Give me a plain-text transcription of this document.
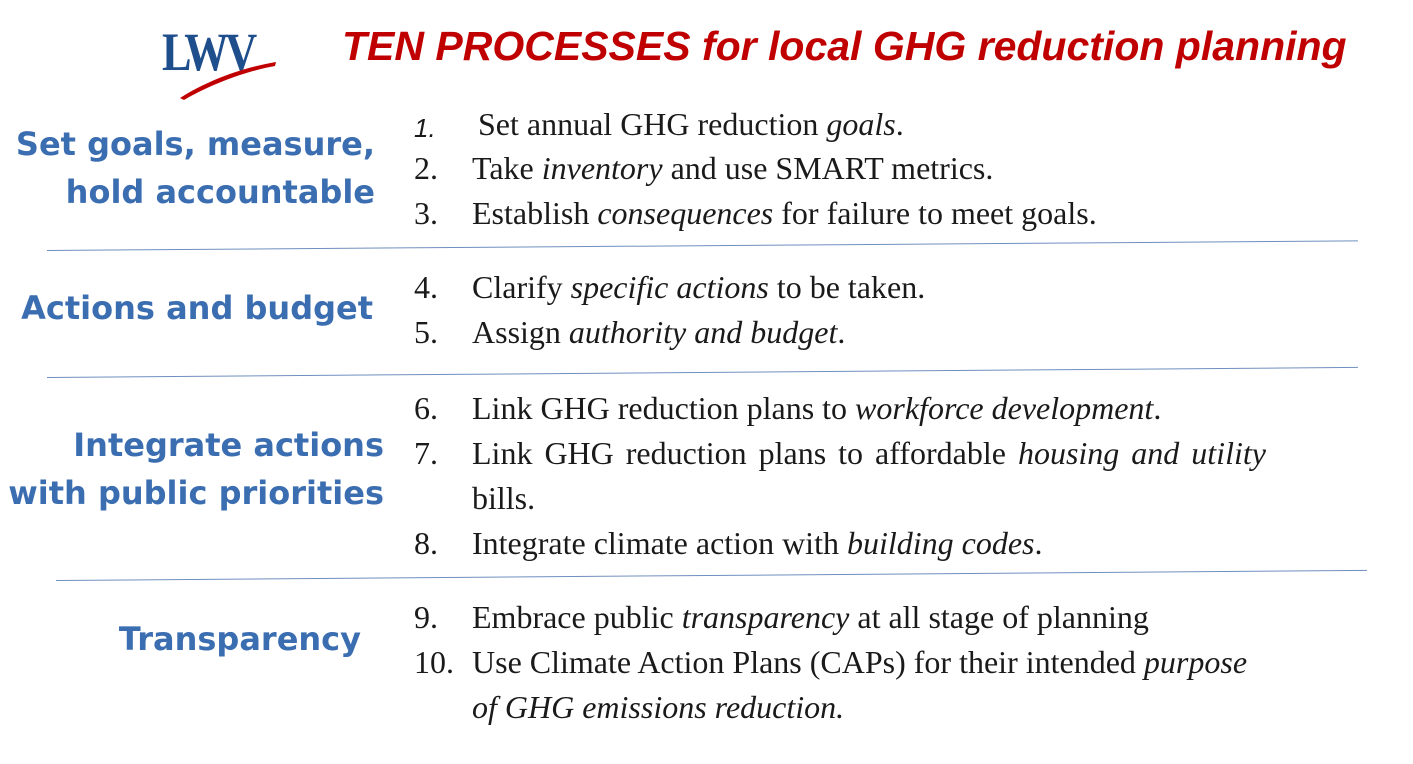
LWV TEN PROCESSES for local GHG reduction planning
Set goals, measure,
hold accountable
Actions and budget
Integrate actions
with public priorities
Transparency
1. Set annual GHG reduction goals.
2. Take inventory and use SMART metrics.
3. Establish consequences for failure to meet goals.
4. Clarify specific actions to be taken.
5. Assign authority and budget.
6. Link GHG reduction plans to workforce development.
7. Link GHG reduction plans to affordable housing and utility
bills.
8. Integrate climate action with building codes.
9. Embrace public transparency at all stage of planning
10. Use Climate Action Plans (CAPs) for their intended purpose
of GHG emissions reduction.
